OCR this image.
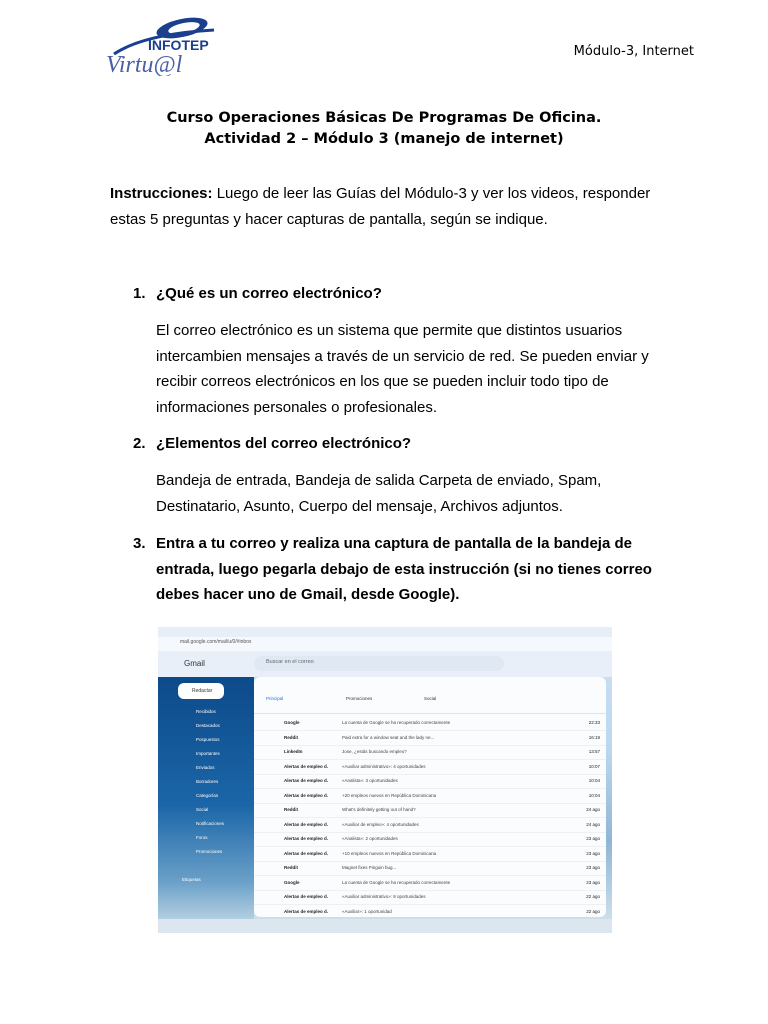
INFOTEP
Virtu@l
Módulo-3, Internet
Curso Operaciones Básicas De Programas De Oficina.
Actividad 2 – Módulo 3 (manejo de internet)
Instrucciones: Luego de leer las Guías del Módulo-3 y ver los videos, responder estas 5 preguntas y hacer capturas de pantalla, según se indique.
1. ¿Qué es un correo electrónico?
El correo electrónico es un sistema que permite que distintos usuarios intercambien mensajes a través de un servicio de red. Se pueden enviar y recibir correos electrónicos en los que se pueden incluir todo tipo de informaciones personales o profesionales.
2. ¿Elementos del correo electrónico?
Bandeja de entrada, Bandeja de salida Carpeta de enviado, Spam, Destinatario, Asunto, Cuerpo del mensaje, Archivos adjuntos.
3. Entra a tu correo y realiza una captura de pantalla de la bandeja de entrada, luego pegarla debajo de esta instrucción (si no tienes correo debes hacer uno de Gmail, desde Google).
mail.google.com/mail/u/0/#inbox
Gmail	Buscar en el correo
Redactar
Recibidos
Destacados
Pospuestos
Importantes
Enviados
Borradores
Categorías
Social
Notificaciones
Foros
Promociones
Etiquetas
Principal	Promociones	Social
Google	La cuenta de Google se ha recuperado correctamente	22:33
Reddit	Paid extra for a window seat and the lady ne...	16:19
LinkedIn	Jose, ¿estás buscando empleo?	13:57
Alertas de empleo d.	«Auxiliar administrativo»: 4 oportunidades	10:07
Alertas de empleo d.	«Analista»: 3 oportunidades	10:04
Alertas de empleo d.	+20 empleos nuevos en República Dominicana	10:04
Reddit	What's definitely getting out of hand?	24 ago
Alertas de empleo d.	«Auxiliar de empleo»: 4 oportunidades	24 ago
Alertas de empleo d.	«Analista»: 2 oportunidades	23 ago
Alertas de empleo d.	+10 empleos nuevos en República Dominicana	23 ago
Reddit	Magnet fixes Pinguin bug...	23 ago
Google	La cuenta de Google se ha recuperado correctamente	23 ago
Alertas de empleo d.	«Auxiliar administrativo»: 8 oportunidades	22 ago
Alertas de empleo d.	«Auxiliar»: 1 oportunidad	22 ago
